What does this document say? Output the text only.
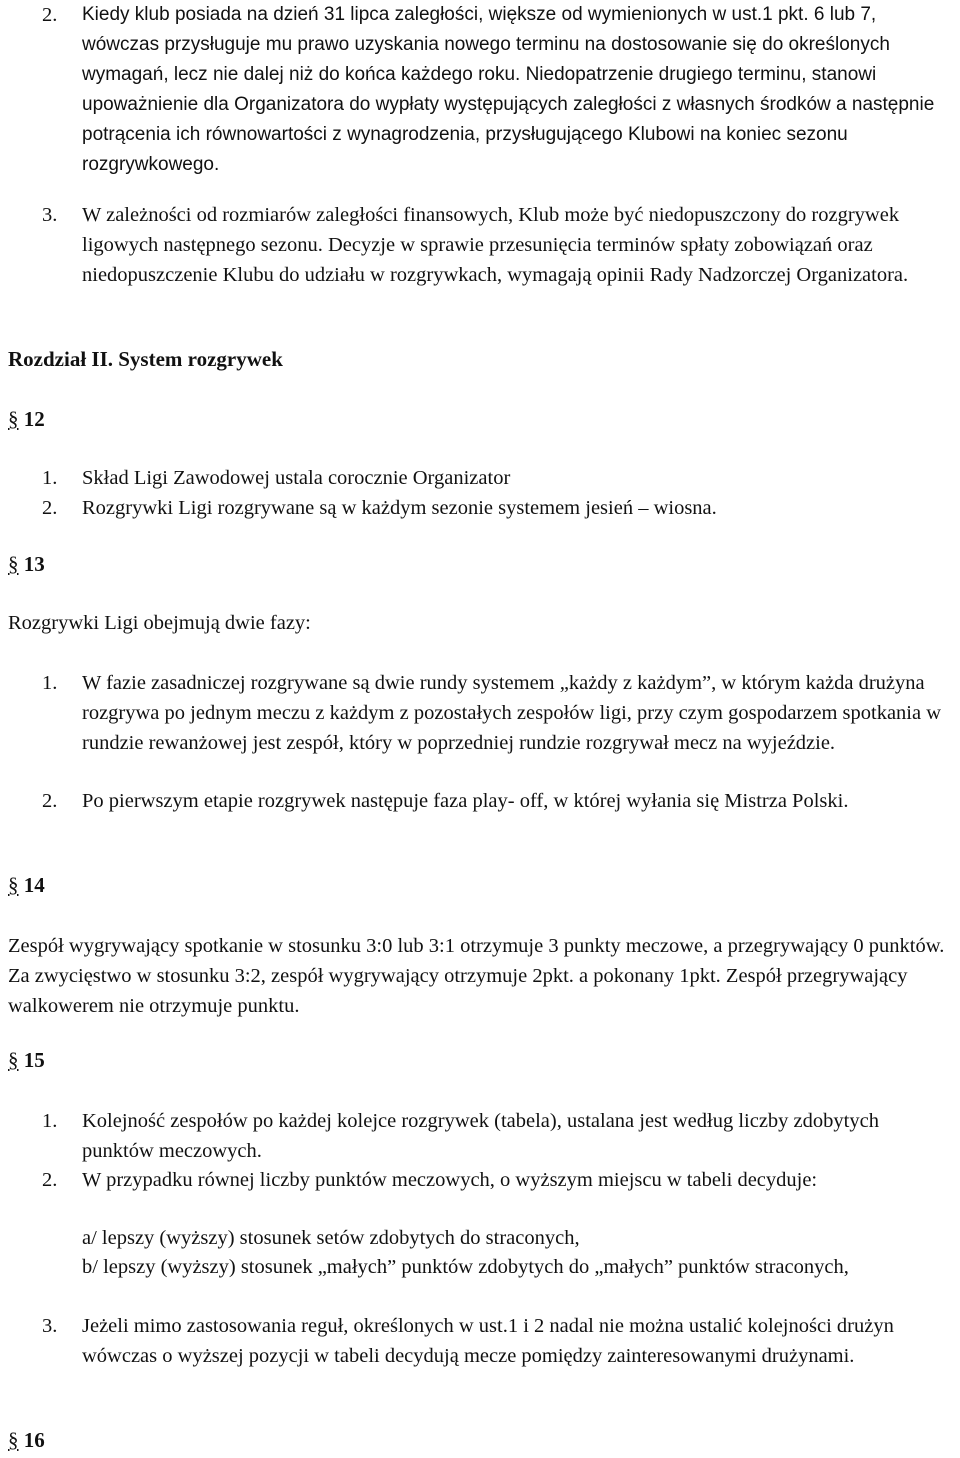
2.	Kiedy klub posiada na dzień 31 lipca zaległości, większe od wymienionych w ust.1 pkt. 6 lub 7, wówczas przysługuje mu prawo uzyskania nowego terminu na dostosowanie się do określonych wymagań, lecz nie dalej niż do końca każdego roku. Niedopatrzenie drugiego terminu, stanowi upoważnienie dla Organizatora do wypłaty występujących zaległości z własnych środków a następnie potrącenia ich równowartości z wynagrodzenia, przysługującego Klubowi na koniec sezonu rozgrywkowego.
3.	W zależności od rozmiarów zaległości finansowych, Klub może być niedopuszczony do rozgrywek ligowych następnego sezonu. Decyzje w sprawie przesunięcia terminów spłaty zobowiązań oraz niedopuszczenie Klubu do udziału w rozgrywkach, wymagają opinii Rady Nadzorczej Organizatora.
Rozdział II. System rozgrywek
§ 12
1.	Skład Ligi Zawodowej ustala corocznie Organizator
2.	Rozgrywki Ligi rozgrywane są w każdym sezonie systemem jesień – wiosna.
§ 13
Rozgrywki Ligi obejmują dwie fazy:
1.	W fazie zasadniczej rozgrywane są dwie rundy systemem „każdy z każdym”, w którym każda drużyna rozgrywa po jednym meczu z każdym z pozostałych zespołów ligi, przy czym gospodarzem spotkania w rundzie rewanżowej jest zespół, który w poprzedniej rundzie rozgrywał mecz na wyjeździe.
2.	Po pierwszym etapie rozgrywek następuje faza play- off, w której wyłania się Mistrza Polski.
§ 14
Zespół wygrywający spotkanie w stosunku 3:0 lub 3:1 otrzymuje 3 punkty meczowe, a przegrywający 0 punktów. Za zwycięstwo w stosunku 3:2, zespół wygrywający otrzymuje 2pkt. a pokonany 1pkt. Zespół przegrywający walkowerem nie otrzymuje punktu.
§ 15
1.	Kolejność zespołów po każdej kolejce rozgrywek (tabela), ustalana jest według liczby zdobytych punktów meczowych.
2.	W przypadku równej liczby punktów meczowych, o wyższym miejscu w tabeli decyduje:
a/ lepszy (wyższy) stosunek setów zdobytych do straconych,
b/ lepszy (wyższy) stosunek „małych” punktów zdobytych do „małych” punktów straconych,
3.	Jeżeli mimo zastosowania reguł, określonych w ust.1 i 2 nadal nie można ustalić kolejności drużyn wówczas o wyższej pozycji w tabeli decydują mecze pomiędzy zainteresowanymi drużynami.
§ 16
